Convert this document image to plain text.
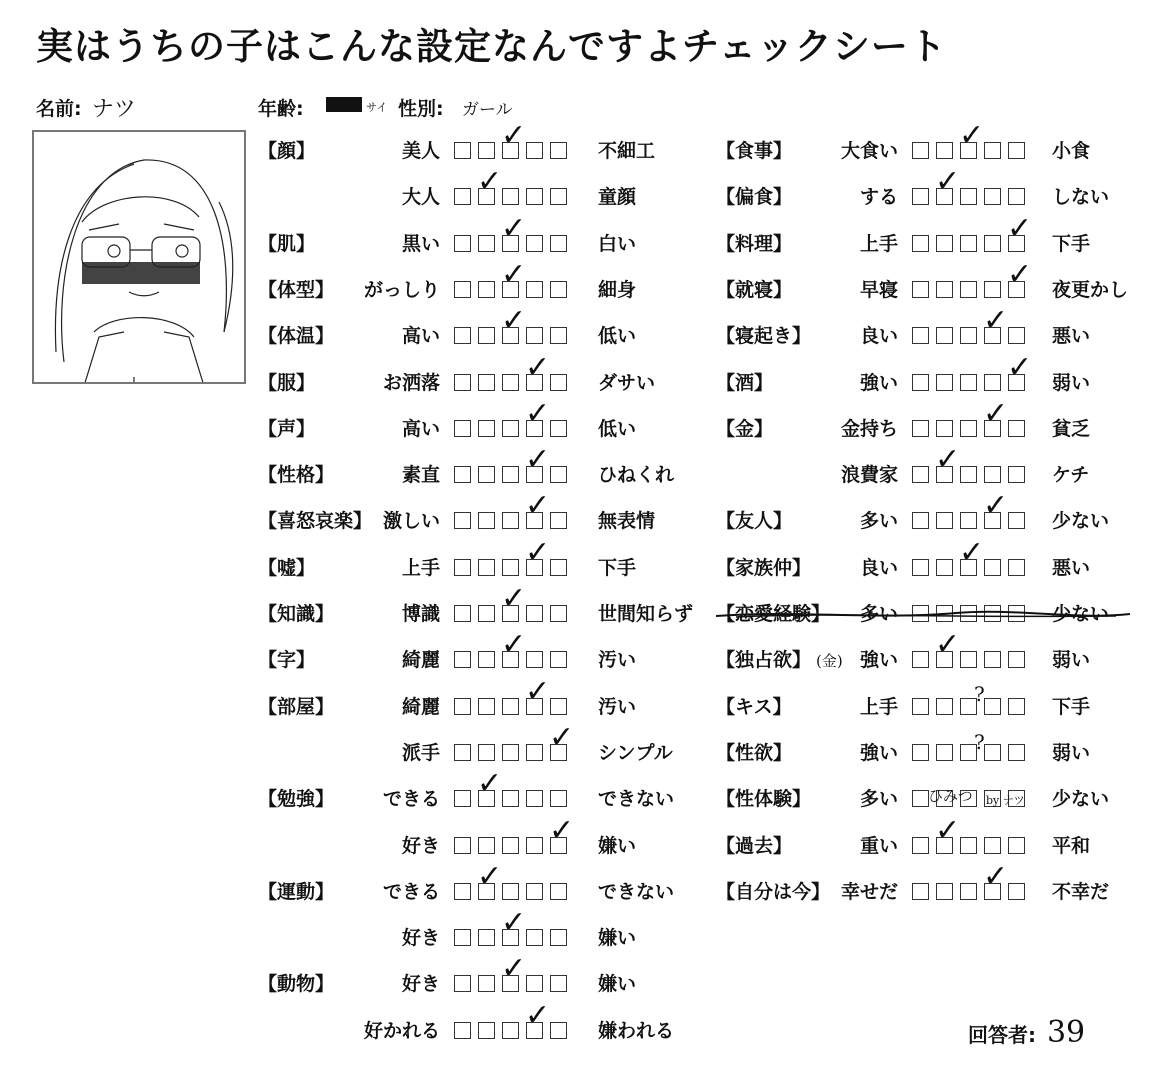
実はうちの子はこんな設定なんですよチェックシート
名前: ナツ	年齢:	サイ 性別: ガール
【顔】	美人 ✓	不細工
大人 ✓	童顔
【肌】	黒い ✓	白い
【体型】	がっしり ✓	細身
【体温】	高い ✓	低い
【服】	お洒落	✓	ダサい
【声】	高い	✓	低い
【性格】	素直	✓	ひねくれ
【喜怒哀楽】 激しい	✓	無表情
【嘘】	上手	✓	下手
【知識】	博識 ✓	世間知らず
【字】	綺麗 ✓	汚い
【部屋】	綺麗	✓	汚い
派手	✓ シンプル
【勉強】	できる ✓	できない
好き	✓ 嫌い
【運動】	できる ✓	できない
好き ✓	嫌い
【動物】	好き ✓	嫌い
好かれる	✓	嫌われる
【食事】	大食い ✓	小食
【偏食】	する ✓	しない
【料理】	上手	✓ 下手
【就寝】	早寝	✓ 夜更かし
【寝起き】	良い	✓ 悪い
【酒】	強い	✓ 弱い
【金】	金持ち	✓ 貧乏
浪費家 ✓	ケチ
【友人】	多い	✓ 少ない
【家族仲】	良い ✓	悪い
【恋愛経験】	多い	少ない
【独占欲】	強い ✓	弱い
【キス】	上手	下手
【性欲】	強い	弱い
【性体験】	多い	少ない
【過去】	重い ✓	平和
【自分は今】 幸せだ	✓ 不幸だ
(金)
?
?
ひみつ by ナツ
回答者: 39
